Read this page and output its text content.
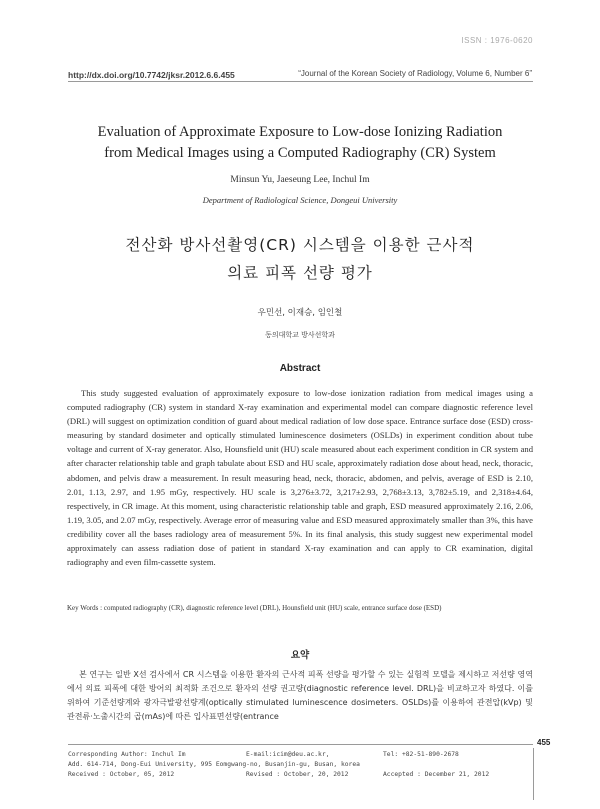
ISSN : 1976-0620
http://dx.doi.org/10.7742/jksr.2012.6.6.455	“Journal of the Korean Society of Radiology, Volume 6, Number 6”
Evaluation of Approximate Exposure to Low-dose Ionizing Radiation
from Medical Images using a Computed Radiography (CR) System
Minsun Yu, Jaeseung Lee, Inchul Im
Department of Radiological Science, Dongeui University
전산화 방사선촬영(CR) 시스템을 이용한 근사적
의료 피폭 선량 평가
우민선, 이재승, 임인철
동의대학교 방사선학과
Abstract
This study suggested evaluation of approximately exposure to low-dose ionization radiation from medical images using a computed radiography (CR) system in standard X-ray examination and experimental model can compare diagnostic reference level (DRL) will suggest on optimization condition of guard about medical radiation of low dose space. Entrance surface dose (ESD) cross-measuring by standard dosimeter and optically stimulated luminescence dosimeters (OSLDs) in experiment condition about tube voltage and current of X-ray generator. Also, Hounsfield unit (HU) scale measured about each experiment condition in CR system and after character relationship table and graph tabulate about ESD and HU scale, approximately radiation dose about head, neck, thoracic, abdomen, and pelvis draw a measurement. In result measuring head, neck, thoracic, abdomen, and pelvis, average of ESD is 2.10, 2.01, 1.13, 2.97, and 1.95 mGy, respectively. HU scale is 3,276±3.72, 3,217±2.93, 2,768±3.13, 3,782±5.19, and 2,318±4.64, respectively, in CR image. At this moment, using characteristic relationship table and graph, ESD measured approximately 2.16, 2.06, 1.19, 3.05, and 2.07 mGy, respectively. Average error of measuring value and ESD measured approximately smaller than 3%, this have credibility cover all the bases radiology area of measurement 5%. In its final analysis, this study suggest new experimental model approximately can assess radiation dose of patient in standard X-ray examination and can apply to CR examination, digital radiography and even film-cassette system.
Key Words : computed radiography (CR), diagnostic reference level (DRL), Hounsfield unit (HU) scale, entrance surface dose (ESD)
요약
본 연구는 일반 X선 검사에서 CR 시스템을 이용한 환자의 근사적 피폭 선량을 평가할 수 있는 실험적 모델을 제시하고 저선량 영역에서 의료 피폭에 대한 방어의 최적화 조건으로 환자의 선량 권고량(diagnostic reference level. DRL)을 비교하고자 하였다. 이를 위하여 기준선량계와 광자극발광선량계(optically stimulated luminescence dosimeters. OSLDs)를 이용하여 관전압(kVp) 및 관전류·노출시간의 곱(mAs)에 따른 입사표면선량(entrance
Corresponding Author: Inchul Im	E-mail:icim@deu.ac.kr,	Tel: +82-51-890-2678
Add. 614-714, Dong-Eui University, 995 Eomgwang-no, Busanjin-gu, Busan, korea
Received : October, 05, 2012	Revised : October, 20, 2012	Accepted : December 21, 2012
455
